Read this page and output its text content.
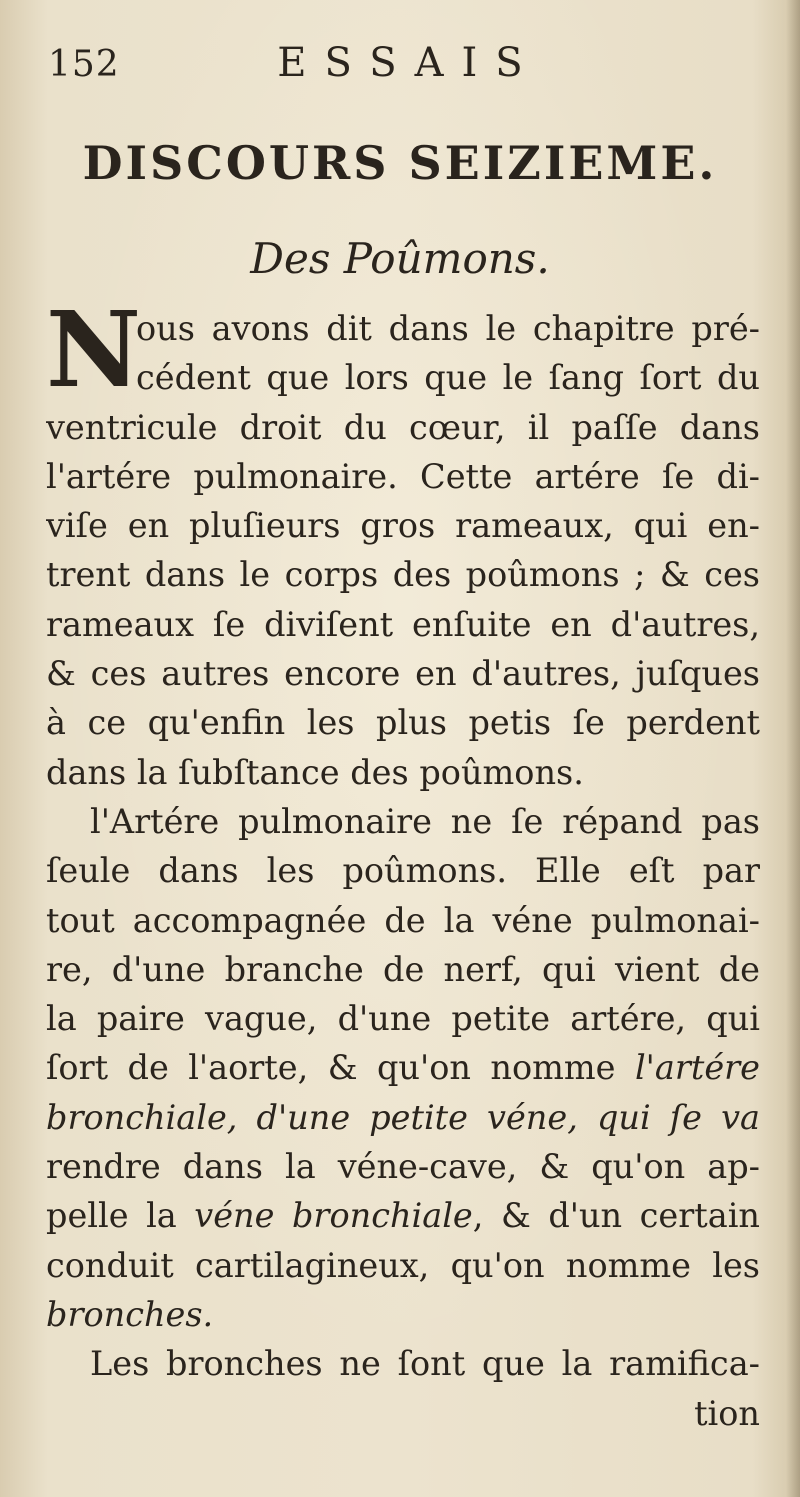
152	ESSAIS
DISCOURS SEIZIEME.
Des Poûmons.
N
ous avons dit dans le chapitre pré-
cédent que lors que le ſang ſort du
ventricule droit du cœur, il paſſe dans
l'artére pulmonaire. Cette artére ſe di-
viſe en pluſieurs gros rameaux, qui en-
trent dans le corps des poûmons ; & ces
rameaux ſe diviſent enſuite en d'autres,
& ces autres encore en d'autres, juſques
à ce qu'enfin les plus petis ſe perdent
dans la ſubſtance des poûmons.
l'Artére pulmonaire ne ſe répand pas
ſeule dans les poûmons. Elle eſt par
tout accompagnée de la véne pulmonai-
re, d'une branche de nerf, qui vient de
la paire vague, d'une petite artére, qui
ſort de l'aorte, & qu'on nomme l'artére
bronchiale, d'une petite véne, qui ſe va
rendre dans la véne-cave, & qu'on ap-
pelle la véne bronchiale, & d'un certain
conduit cartilagineux, qu'on nomme les
bronches.
Les bronches ne ſont que la ramifica-
tion
